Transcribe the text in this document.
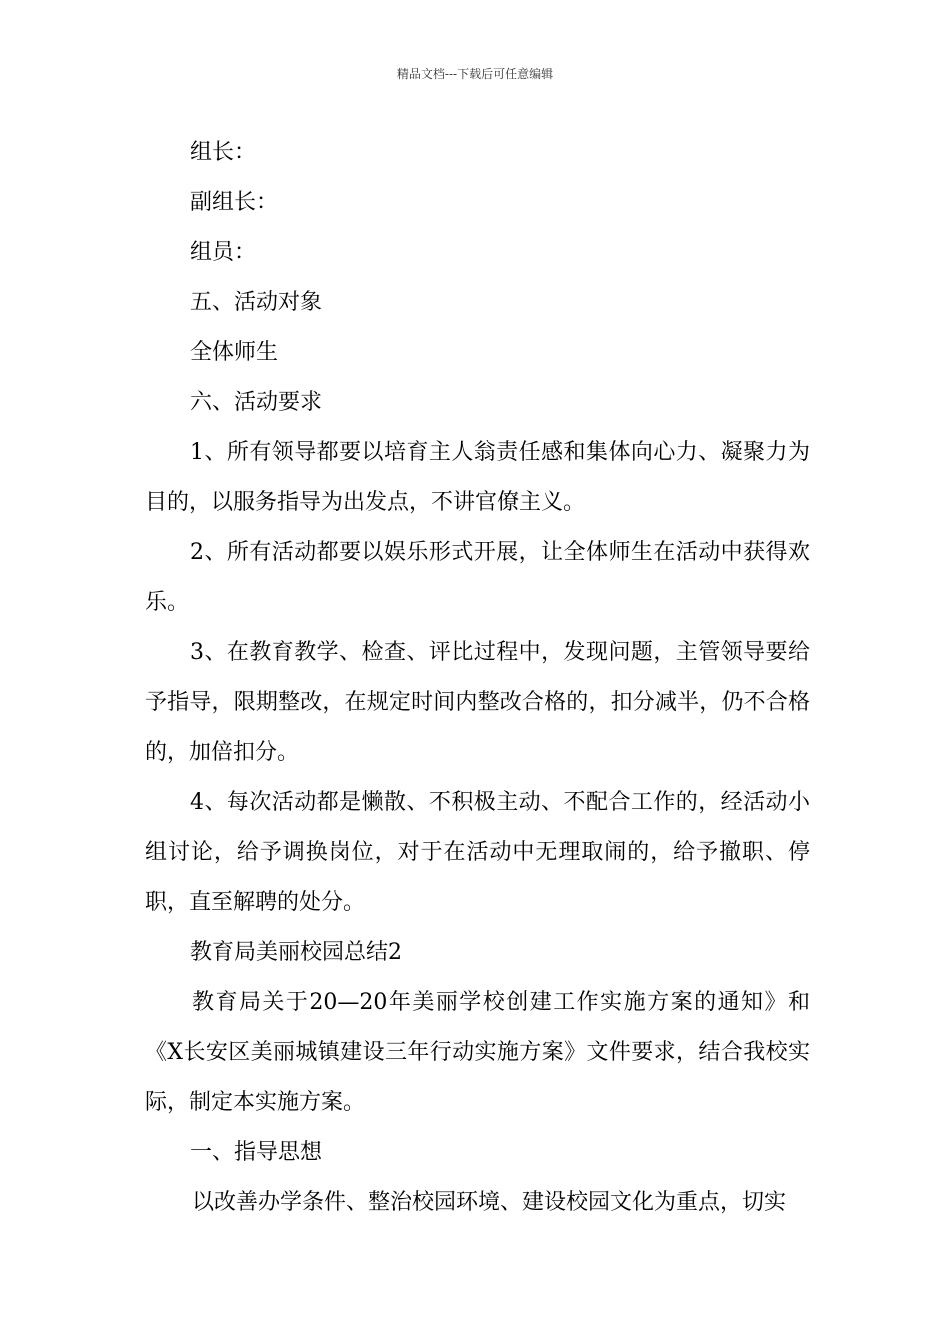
精品文档---下载后可任意编辑

组长：

副组长：

组员：

五、活动对象

全体师生

六、活动要求

1、所有领导都要以培育主人翁责任感和集体向心力、凝聚力为目的，以服务指导为出发点，不讲官僚主义。

2、所有活动都要以娱乐形式开展，让全体师生在活动中获得欢乐。

3、在教育教学、检查、评比过程中，发现问题，主管领导要给予指导，限期整改，在规定时间内整改合格的，扣分减半，仍不合格的，加倍扣分。

4、每次活动都是懒散、不积极主动、不配合工作的，经活动小组讨论，给予调换岗位，对于在活动中无理取闹的，给予撤职、停职，直至解聘的处分。

教育局美丽校园总结2

教育局关于20—20年美丽学校创建工作实施方案的通知》和《X长安区美丽城镇建设三年行动实施方案》文件要求，结合我校实际，制定本实施方案。

一、指导思想

以改善办学条件、整治校园环境、建设校园文化为重点，切实
